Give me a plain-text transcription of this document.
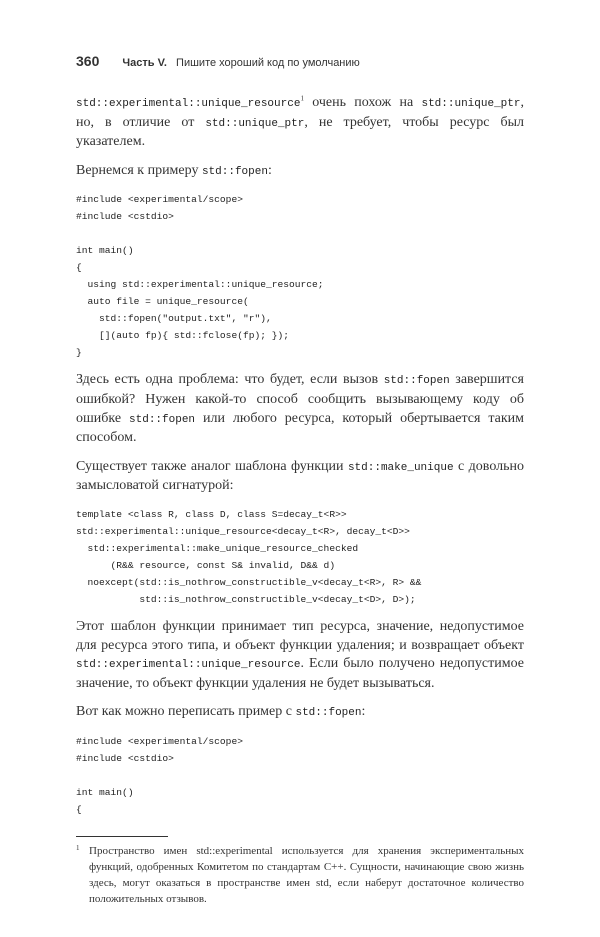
360 Часть V. Пишите хороший код по умолчанию
std::experimental::unique_resource$^1$ очень похож на std::unique_ptr, но, в отличие от std::unique_ptr, не требует, чтобы ресурс был указателем.
Вернемся к примеру std::fopen:
#include <experimental/scope>
#include <cstdio>

int main()
{
using std::experimental::unique_resource;
auto file = unique_resource(
std::fopen("output.txt", "r"),
[](auto fp){ std::fclose(fp); });
}
Здесь есть одна проблема: что будет, если вызов std::fopen завершится ошибкой? Нужен какой-то способ сообщить вызывающему коду об ошибке std::fopen или любого ресурса, который обертывается таким способом.
Существует также аналог шаблона функции std::make_unique с довольно замысловатой сигнатурой:
template <class R, class D, class S=decay_t<R>>
std::experimental::unique_resource<decay_t<R>, decay_t<D>>
std::experimental::make_unique_resource_checked
(R&& resource, const S& invalid, D&& d)
noexcept(std::is_nothrow_constructible_v<decay_t<R>, R> &&
std::is_nothrow_constructible_v<decay_t<D>, D>);
Этот шаблон функции принимает тип ресурса, значение, недопустимое для ресурса этого типа, и объект функции удаления; и возвращает объект std::experimental::unique_resource. Если было получено недопустимое значение, то объект функции удаления не будет вызываться.
Вот как можно переписать пример с std::fopen:
#include <experimental/scope>
#include <cstdio>

int main()
{
1 Пространство имен std::experimental используется для хранения экспериментальных функций, одобренных Комитетом по стандартам C++. Сущности, начинающие свою жизнь здесь, могут оказаться в пространстве имен std, если наберут достаточное количество положительных отзывов.
